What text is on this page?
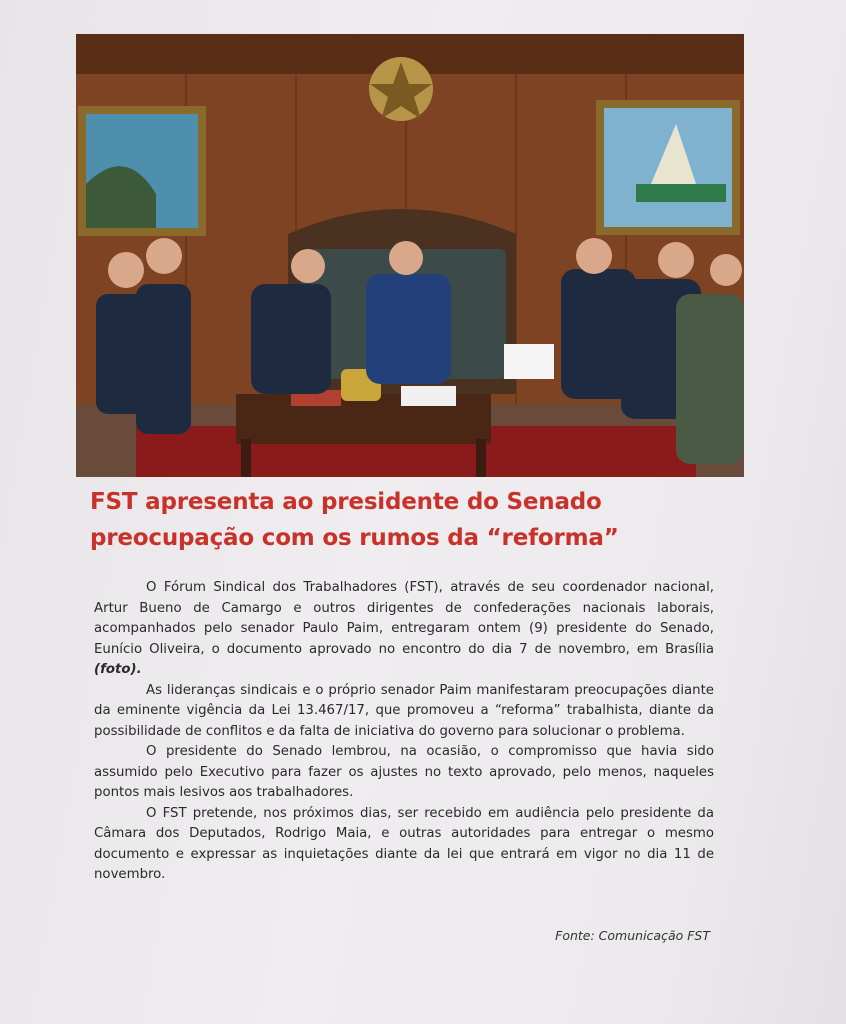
FST apresenta ao presidente do Senado
preocupação com os rumos da “reforma”

O Fórum Sindical dos Trabalhadores (FST), através de seu coordenador nacional, Artur Bueno de Camargo e outros dirigentes de confederações nacionais laborais, acompanhados pelo senador Paulo Paim, entregaram ontem (9) presidente do Senado, Eunício Oliveira, o documento aprovado no encontro do dia 7 de novembro, em Brasília (foto).

As lideranças sindicais e o próprio senador Paim manifestaram preocupações diante da eminente vigência da Lei 13.467/17, que promoveu a “reforma” trabalhista, diante da possibilidade de conflitos e da falta de iniciativa do governo para solucionar o problema.

O presidente do Senado lembrou, na ocasião, o compromisso que havia sido assumido pelo Executivo para fazer os ajustes no texto aprovado, pelo menos, naqueles pontos mais lesivos aos trabalhadores.

O FST pretende, nos próximos dias, ser recebido em audiência pelo presidente da Câmara dos Deputados, Rodrigo Maia, e outras autoridades para entregar o mesmo documento e expressar as inquietações diante da lei que entrará em vigor no dia 11 de novembro.

Fonte: Comunicação FST
